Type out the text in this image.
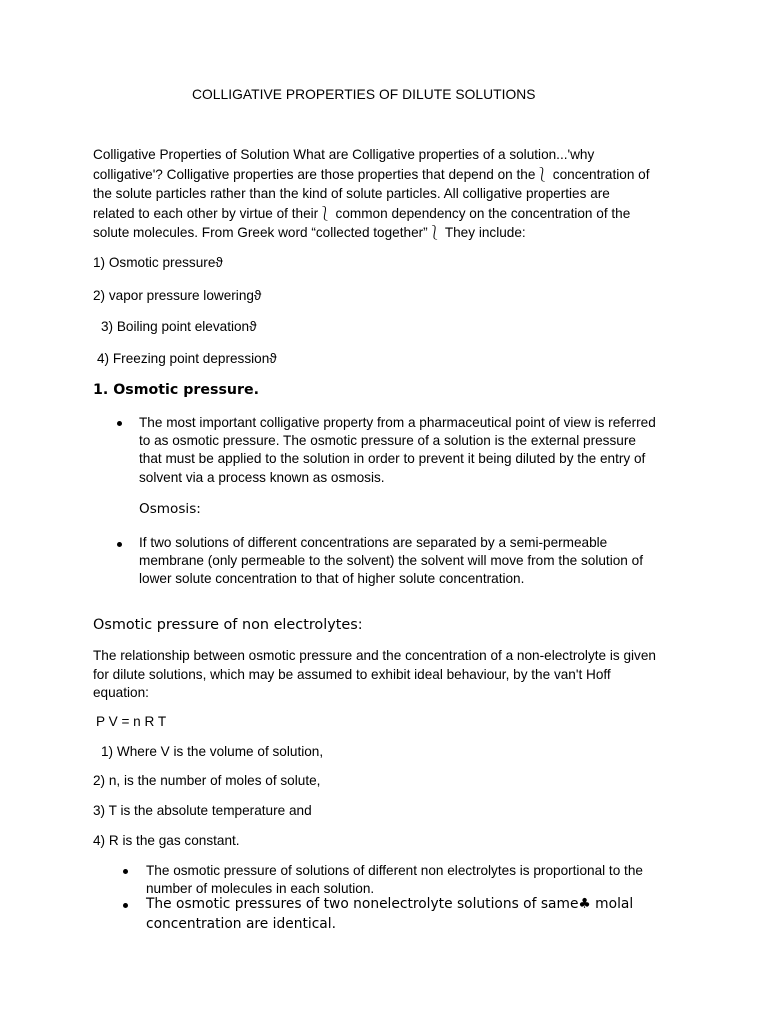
COLLIGATIVE PROPERTIES OF DILUTE SOLUTIONS
Colligative Properties of Solution What are Colligative properties of a solution...'why colligative'? Colligative properties are those properties that depend on the⎱ concentration of the solute particles rather than the kind of solute particles. All colligative properties are related to each other by virtue of their⎱ common dependency on the concentration of the solute molecules. From Greek word “collected together”⎱ They include:
1) Osmotic pressureϑ
2) vapor pressure loweringϑ
3) Boiling point elevationϑ
4) Freezing point depressionϑ
1. Osmotic pressure.
The most important colligative property from a pharmaceutical point of view is referred to as osmotic pressure. The osmotic pressure of a solution is the external pressure that must be applied to the solution in order to prevent it being diluted by the entry of solvent via a process known as osmosis.
Osmosis:
If two solutions of different concentrations are separated by a semi-permeable membrane (only permeable to the solvent) the solvent will move from the solution of lower solute concentration to that of higher solute concentration.
Osmotic pressure of non electrolytes:
The relationship between osmotic pressure and the concentration of a non-electrolyte is given for dilute solutions, which may be assumed to exhibit ideal behaviour, by the van't Hoff equation:
P V = n R T
1) Where V is the volume of solution,
2) n, is the number of moles of solute,
3) T is the absolute temperature and
4) R is the gas constant.
The osmotic pressure of solutions of different non electrolytes is proportional to the number of molecules in each solution.
The osmotic pressures of two nonelectrolyte solutions of same♣ molal concentration are identical.
